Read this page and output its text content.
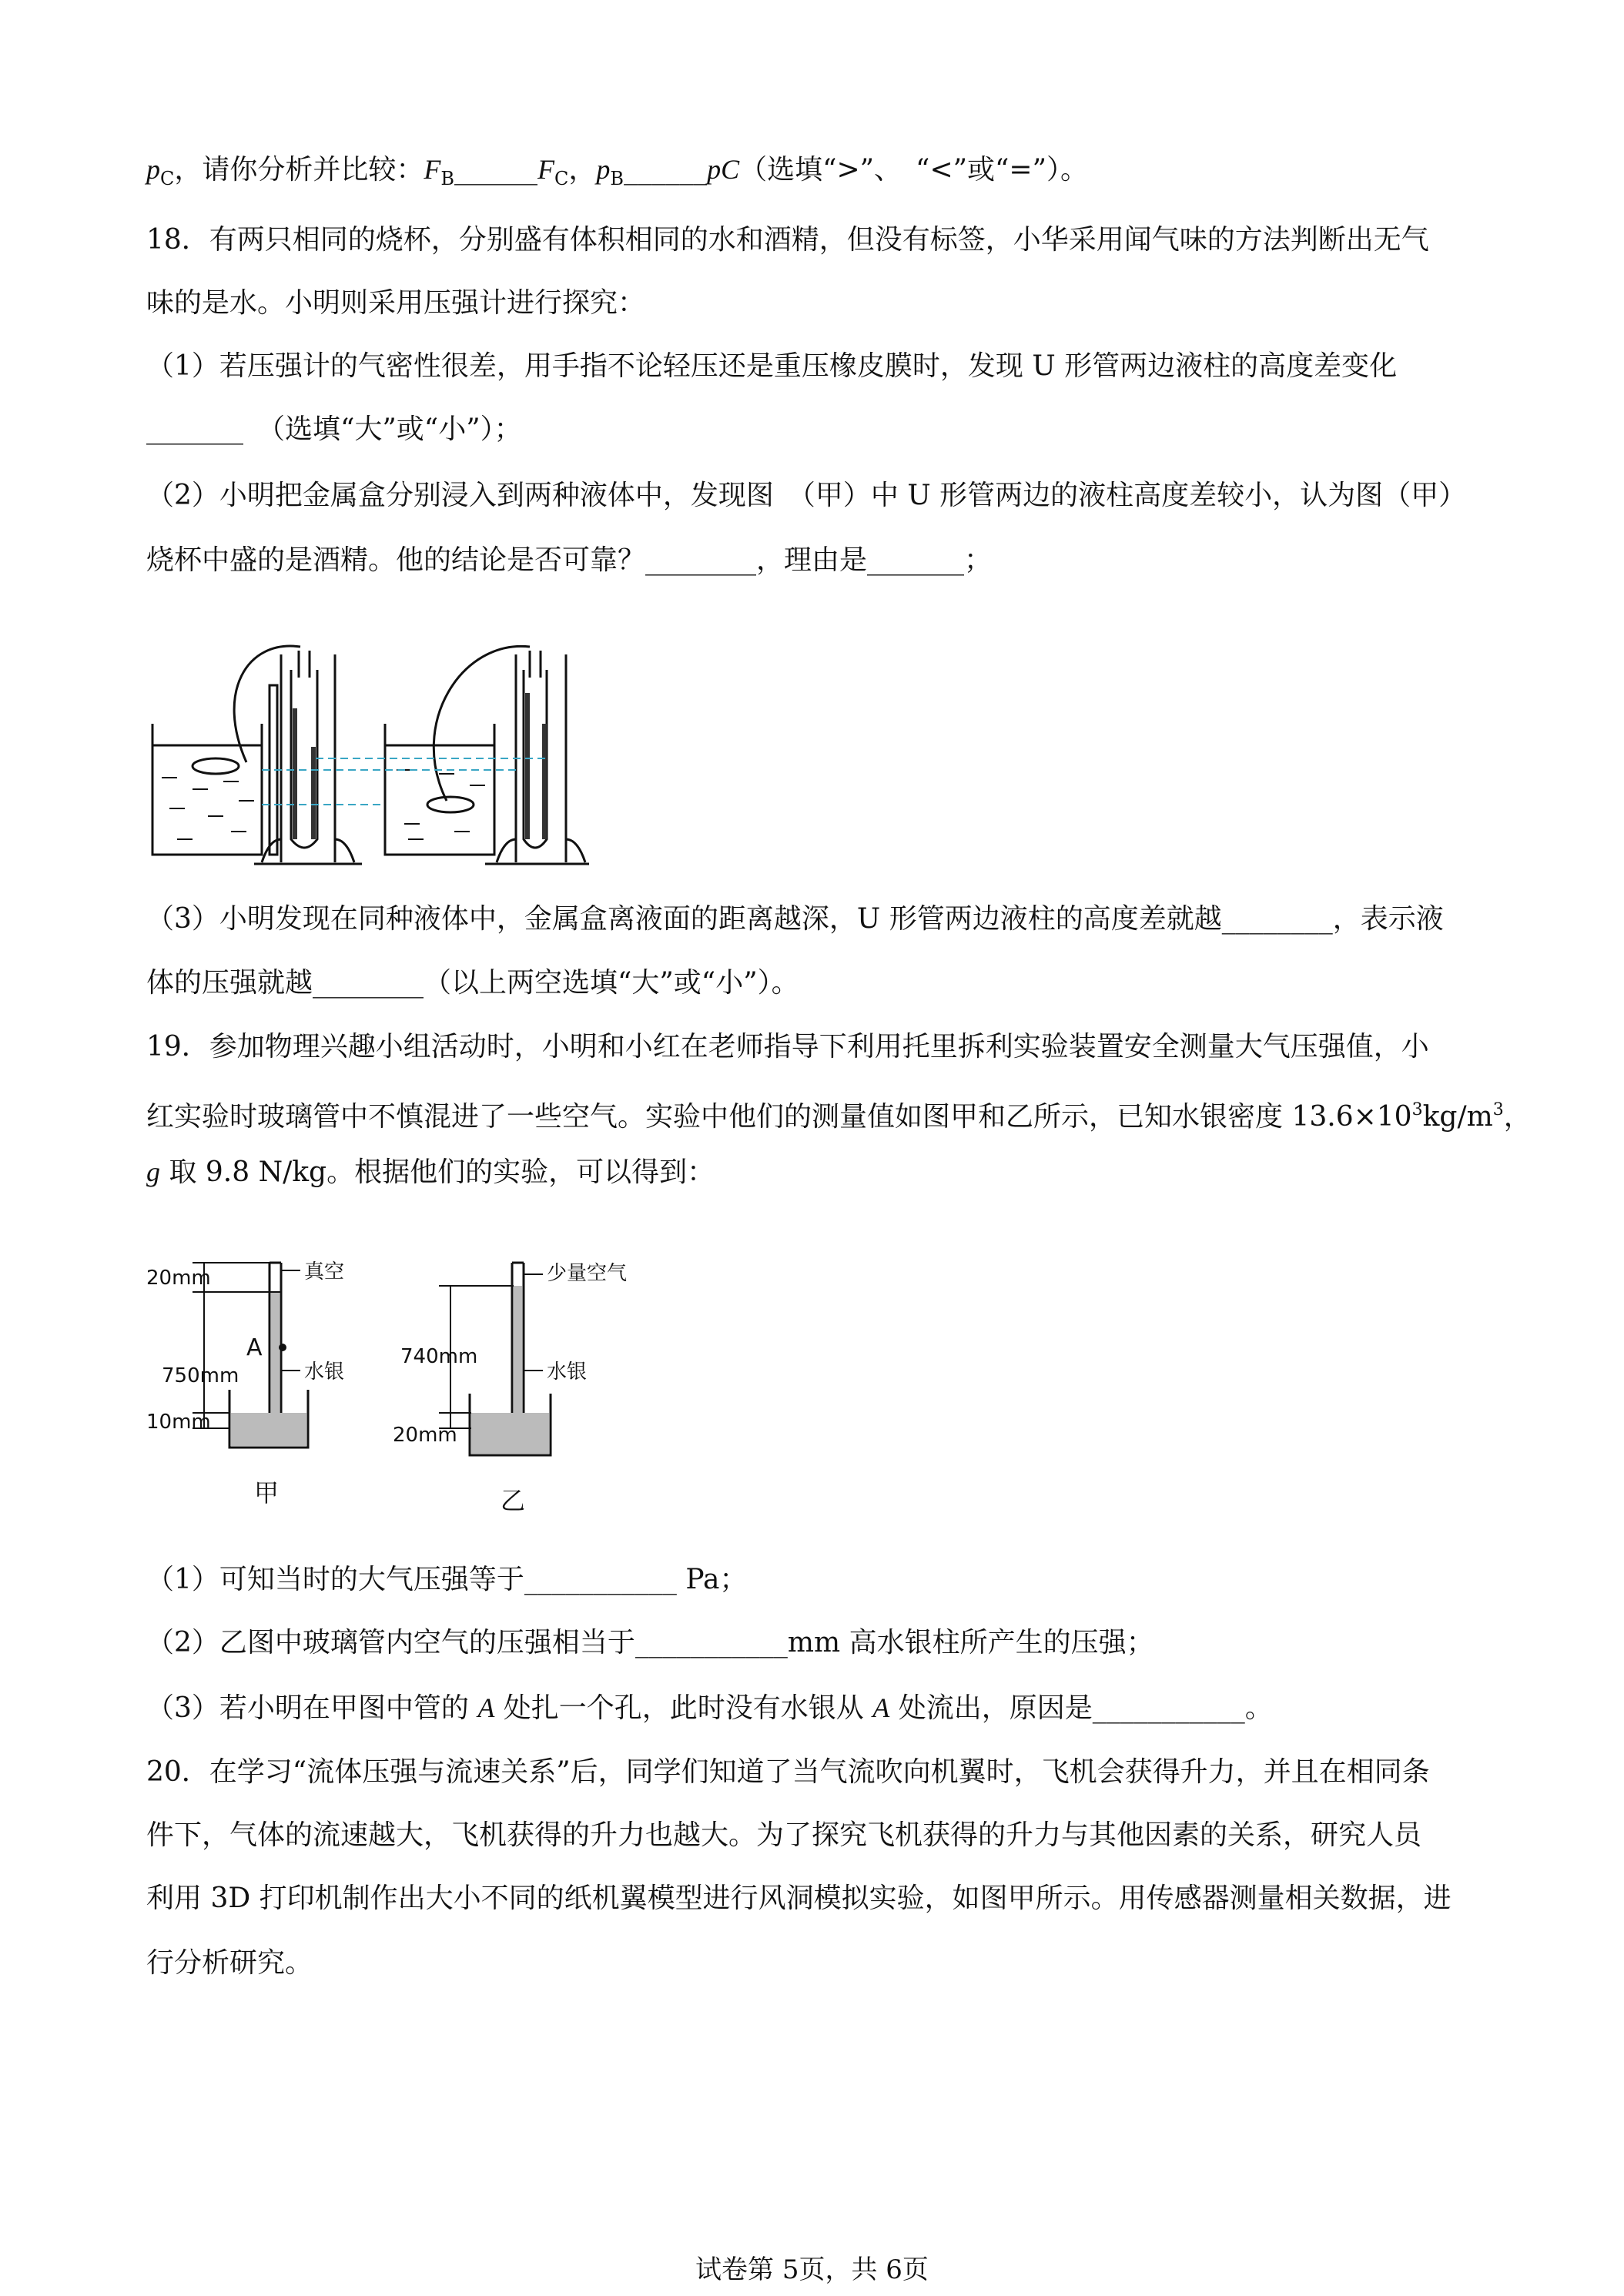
$p_C$，请你分析并比较：$F_B\_\_\_\_\_\_F_C$，$p_B\_\_\_\_\_\_pC$（选填“>”、　“<”或“=”）。
18．有两只相同的烧杯，分别盛有体积相同的水和酒精，但没有标签，小华采用闻气味的方法判断出无气
味的是水。小明则采用压强计进行探究：
（1）若压强计的气密性很差，用手指不论轻压还是重压橡皮膜时，发现 U 形管两边液柱的高度差变化
_______　（选填“大”或“小”）；
（2）小明把金属盒分别浸入到两种液体中，发现图　（甲）中 U 形管两边的液柱高度差较小，认为图（甲）
烧杯中盛的是酒精。他的结论是否可靠？________，理由是_______；
（3）小明发现在同种液体中，金属盒离液面的距离越深，U 形管两边液柱的高度差就越________，表示液
体的压强就越________（以上两空选填“大”或“小”）。
19．参加物理兴趣小组活动时，小明和小红在老师指导下利用托里拆利实验装置安全测量大气压强值，小
红实验时玻璃管中不慎混进了一些空气。实验中他们的测量值如图甲和乙所示，已知水银密度 $13.6\times 10^3kg/m^3$，
g 取 9.8 N/kg。根据他们的实验，可以得到：
20mm	真空
A
750mm	水银
10mm
甲
少量空气
740mm
水银
20mm
乙
（1）可知当时的大气压强等于___________ Pa；
（2）乙图中玻璃管内空气的压强相当于___________mm 高水银柱所产生的压强；
（3）若小明在甲图中管的 A 处扎一个孔，此时没有水银从 A 处流出，原因是___________。
20．在学习“流体压强与流速关系”后，同学们知道了当气流吹向机翼时，飞机会获得升力，并且在相同条
件下，气体的流速越大，飞机获得的升力也越大。为了探究飞机获得的升力与其他因素的关系，研究人员
利用 3D 打印机制作出大小不同的纸机翼模型进行风洞模拟实验，如图甲所示。用传感器测量相关数据，进
行分析研究。
试卷第 5页，共 6页
